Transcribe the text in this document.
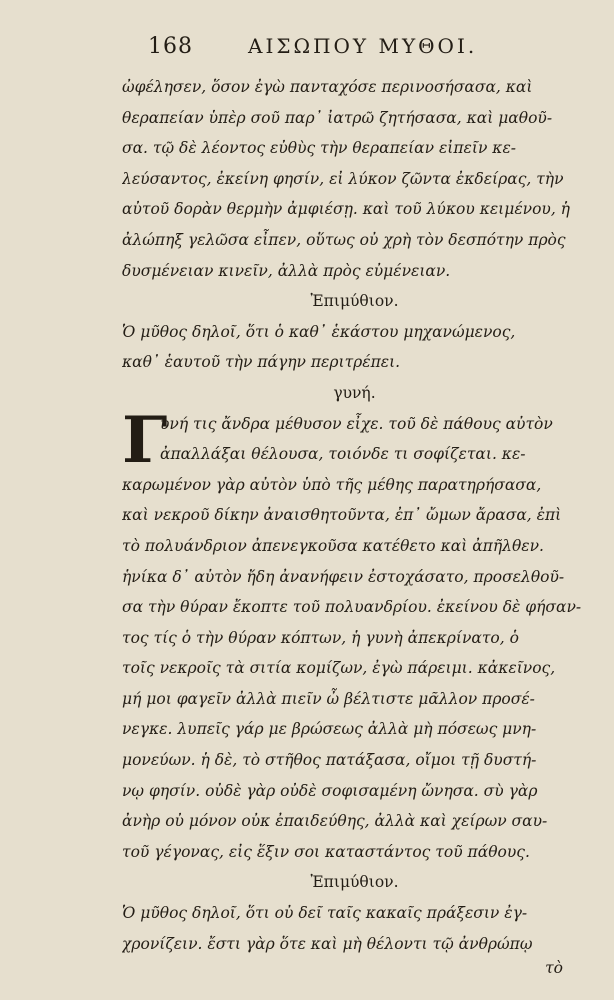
168	ΑΙΣΩΠΟΥ ΜΥΘΟΙ.
ὠφέλησεν, ὅσον ἐγὼ πανταχόσε περινοσήσασα, καὶ
θεραπείαν ὑπὲρ σοῦ παρ᾽ ἰατρῶ ζητήσασα, καὶ μαθοῦ-
σα. τῷ δὲ λέοντος εὐθὺς τὴν θεραπείαν εἰπεῖν κε-
λεύσαντος, ἐκείνη φησίν, εἰ λύκον ζῶντα ἐκδείρας, τὴν
αὐτοῦ δορὰν θερμὴν ἀμφιέσῃ. καὶ τοῦ λύκου κειμένου, ἡ
ἀλώπηξ γελῶσα εἶπεν, οὕτως οὐ χρὴ τὸν δεσπότην πρὸς
δυσμένειαν κινεῖν, ἀλλὰ πρὸς εὐμένειαν.
Ἐπιμύθιον.
Ὁ μῦθος δηλοῖ, ὅτι ὁ καθ᾽ ἑκάστου μηχανώμενος,
καθ᾽ ἑαυτοῦ τὴν πάγην περιτρέπει.
γυνή.
Γ
υνή τις ἄνδρα μέθυσον εἶχε. τοῦ δὲ πάθους αὐτὸν
ἀπαλλάξαι θέλουσα, τοιόνδε τι σοφίζεται. κε-
καρωμένον γὰρ αὐτὸν ὑπὸ τῆς μέθης παρατηρήσασα,
καὶ νεκροῦ δίκην ἀναισθητοῦντα, ἐπ᾽ ὤμων ἄρασα, ἐπὶ
τὸ πολυάνδριον ἀπενεγκοῦσα κατέθετο καὶ ἀπῆλθεν.
ἡνίκα δ᾽ αὐτὸν ἤδη ἀνανήφειν ἐστοχάσατο, προσελθοῦ-
σα τὴν θύραν ἔκοπτε τοῦ πολυανδρίου. ἐκείνου δὲ φήσαν-
τος τίς ὁ τὴν θύραν κόπτων, ἡ γυνὴ ἀπεκρίνατο, ὁ
τοῖς νεκροῖς τὰ σιτία κομίζων, ἐγὼ πάρειμι. κἀκεῖνος,
μή μοι φαγεῖν ἀλλὰ πιεῖν ὦ βέλτιστε μᾶλλον προσέ-
νεγκε. λυπεῖς γάρ με βρώσεως ἀλλὰ μὴ πόσεως μνη-
μονεύων. ἡ δὲ, τὸ στῆθος πατάξασα, οἴμοι τῇ δυστή-
νῳ φησίν. οὐδὲ γὰρ οὐδὲ σοφισαμένη ὤνησα. σὺ γὰρ
ἀνὴρ οὐ μόνον οὐκ ἐπαιδεύθης, ἀλλὰ καὶ χείρων σαυ-
τοῦ γέγονας, εἰς ἕξιν σοι καταστάντος τοῦ πάθους.
Ἐπιμύθιον.
Ὁ μῦθος δηλοῖ, ὅτι οὐ δεῖ ταῖς κακαῖς πράξεσιν ἐγ-
χρονίζειν. ἔστι γὰρ ὅτε καὶ μὴ θέλοντι τῷ ἀνθρώπῳ
τὸ
